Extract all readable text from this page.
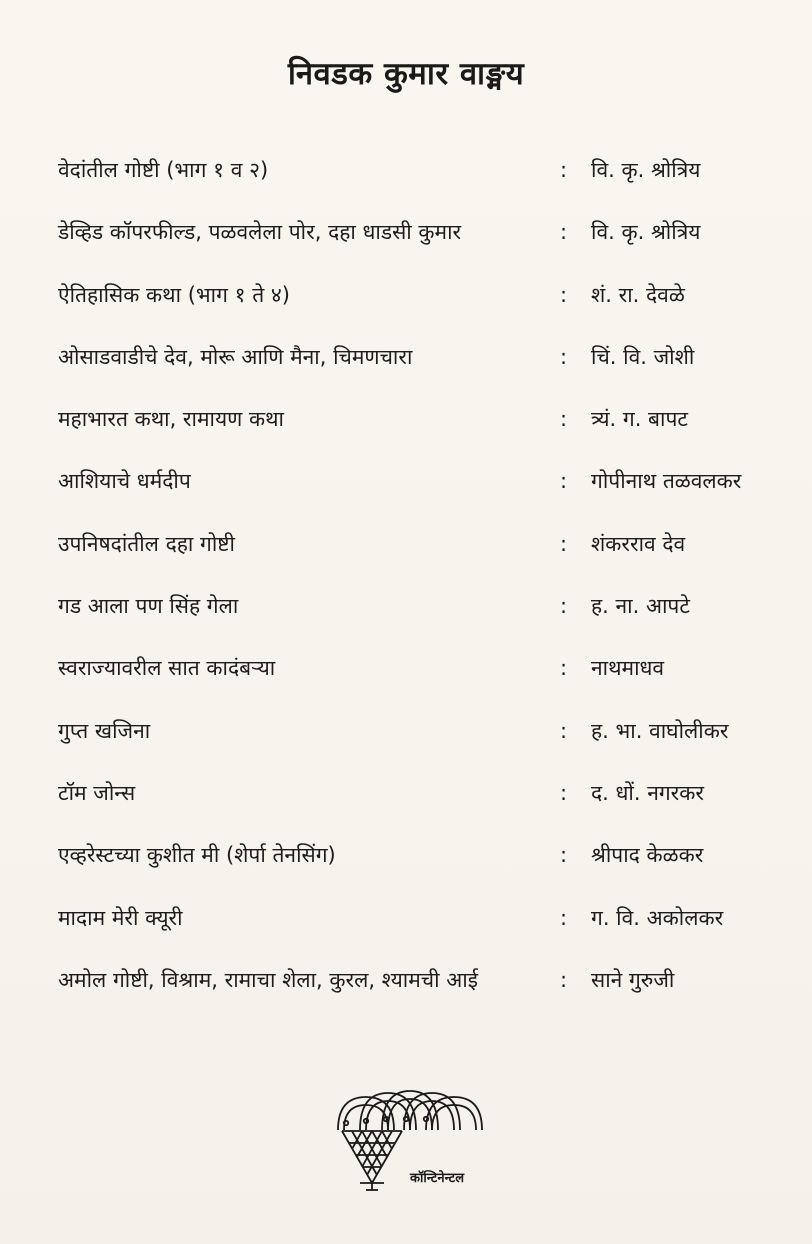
निवडक कुमार वाङ्मय
वेदांतील गोष्टी (भाग १ व २)	: वि. कृ. श्रोत्रिय
डेव्हिड कॉपरफील्ड, पळवलेला पोर, दहा धाडसी कुमार	: वि. कृ. श्रोत्रिय
ऐतिहासिक कथा (भाग १ ते ४)	: शं. रा. देवळे
ओसाडवाडीचे देव, मोरू आणि मैना, चिमणचारा	: चिं. वि. जोशी
महाभारत कथा, रामायण कथा	: त्र्यं. ग. बापट
आशियाचे धर्मदीप	: गोपीनाथ तळवलकर
उपनिषदांतील दहा गोष्टी	: शंकरराव देव
गड आला पण सिंह गेला	: ह. ना. आपटे
स्वराज्यावरील सात कादंबऱ्या	: नाथमाधव
गुप्त खजिना	: ह. भा. वाघोलीकर
टॉम जोन्स	: द. धों. नगरकर
एव्हरेस्टच्या कुशीत मी (शेर्पा तेनसिंग)	: श्रीपाद केळकर
मादाम मेरी क्यूरी	: ग. वि. अकोलकर
अमोल गोष्टी, विश्राम, रामाचा शेला, कुरल, श्यामची आई	: साने गुरुजी
कॉन्टिनेन्टल
